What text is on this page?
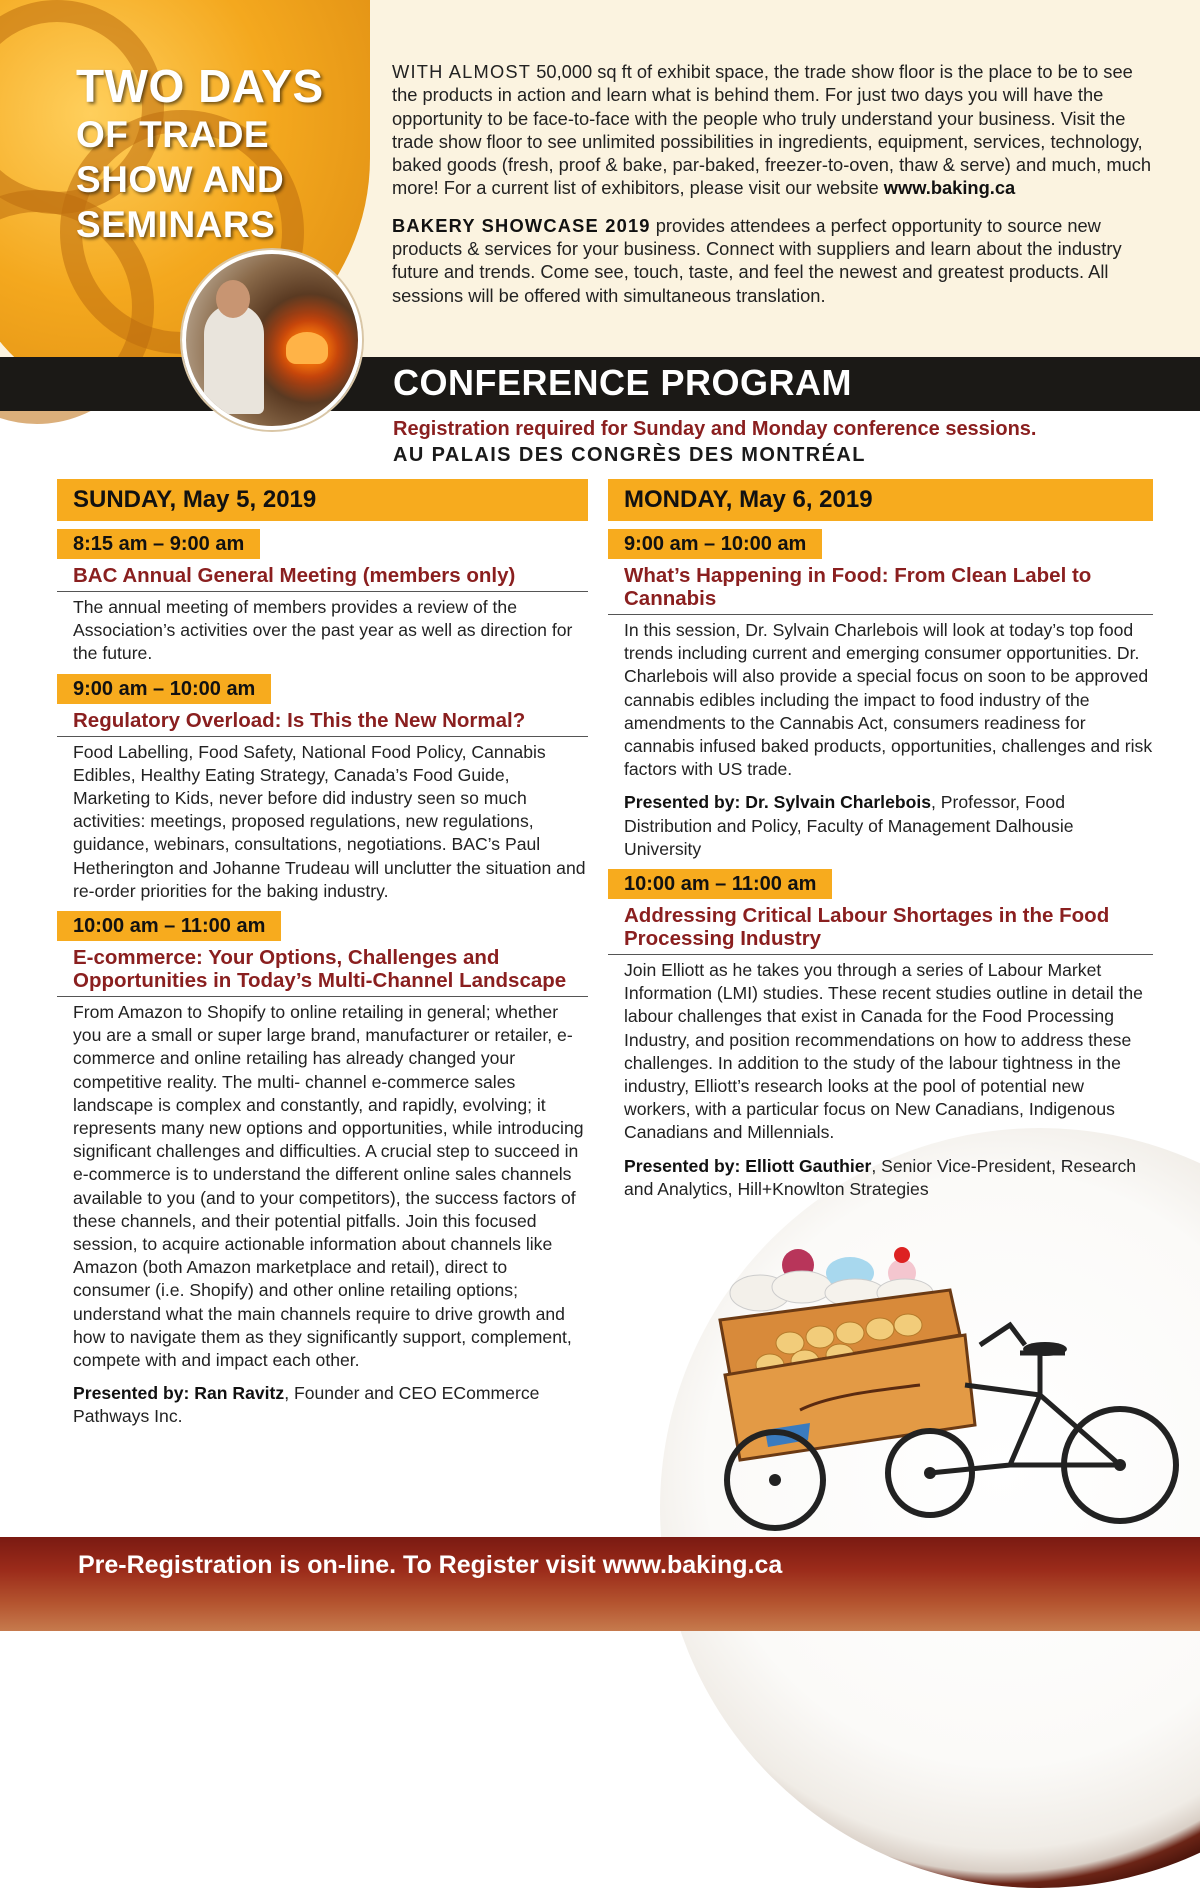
TWO DAYS
OF TRADE
SHOW AND
SEMINARS

WITH ALMOST 50,000 sq ft of exhibit space, the trade show floor is the place to be to see the products in action and learn what is behind them. For just two days you will have the opportunity to be face-to-face with the people who truly understand your business. Visit the trade show floor to see unlimited possibilities in ingredients, equipment, services, technology, baked goods (fresh, proof & bake, par-baked, freezer-to-oven, thaw & serve) and much, much more! For a current list of exhibitors, please visit our website www.baking.ca

BAKERY SHOWCASE 2019 provides attendees a perfect opportunity to source new products & services for your business. Connect with suppliers and learn about the industry future and trends. Come see, touch, taste, and feel the newest and greatest products. All sessions will be offered with simultaneous translation.

CONFERENCE PROGRAM
Registration required for Sunday and Monday conference sessions.
AU PALAIS DES CONGRÈS DES MONTRÉAL
SUNDAY, May 5, 2019
8:15 am – 9:00 am
BAC Annual General Meeting (members only)
The annual meeting of members provides a review of the Association’s activities over the past year as well as direction for the future.
9:00 am – 10:00 am
Regulatory Overload: Is This the New Normal?
Food Labelling, Food Safety, National Food Policy, Cannabis Edibles, Healthy Eating Strategy, Canada’s Food Guide, Marketing to Kids, never before did industry seen so much activities: meetings, proposed regulations, new regulations, guidance, webinars, consultations, negotiations. BAC’s Paul Hetherington and Johanne Trudeau will unclutter the situation and re-order priorities for the baking industry.
10:00 am – 11:00 am
E-commerce: Your Options, Challenges and Opportunities in Today’s Multi-Channel Landscape
From Amazon to Shopify to online retailing in general; whether you are a small or super large brand, manufacturer or retailer, e-commerce and online retailing has already changed your competitive reality. The multi- channel e-commerce sales landscape is complex and constantly, and rapidly, evolving; it represents many new options and opportunities, while introducing significant challenges and difficulties. A crucial step to succeed in e-commerce is to understand the different online sales channels available to you (and to your competitors), the success factors of these channels, and their potential pitfalls. Join this focused session, to acquire actionable information about channels like Amazon (both Amazon marketplace and retail), direct to consumer (i.e. Shopify) and other online retailing options; understand what the main channels require to drive growth and how to navigate them as they significantly support, complement, compete with and impact each other.
Presented by: Ran Ravitz, Founder and CEO ECommerce Pathways Inc.
MONDAY, May 6, 2019
9:00 am – 10:00 am
What’s Happening in Food: From Clean Label to Cannabis
In this session, Dr. Sylvain Charlebois will look at today’s top food trends including current and emerging consumer opportunities. Dr. Charlebois will also provide a special focus on soon to be approved cannabis edibles including the impact to food industry of the amendments to the Cannabis Act, consumers readiness for cannabis infused baked products, opportunities, challenges and risk factors with US trade.
Presented by: Dr. Sylvain Charlebois, Professor, Food Distribution and Policy, Faculty of Management Dalhousie University
10:00 am – 11:00 am
Addressing Critical Labour Shortages in the Food Processing Industry
Join Elliott as he takes you through a series of Labour Market Information (LMI) studies. These recent studies outline in detail the labour challenges that exist in Canada for the Food Processing Industry, and position recommendations on how to address these challenges. In addition to the study of the labour tightness in the industry, Elliott’s research looks at the pool of potential new workers, with a particular focus on New Canadians, Indigenous Canadians and Millennials.
Presented by: Elliott Gauthier, Senior Vice-President, Research and Analytics, Hill+Knowlton Strategies
Pre-Registration is on-line. To Register visit www.baking.ca
